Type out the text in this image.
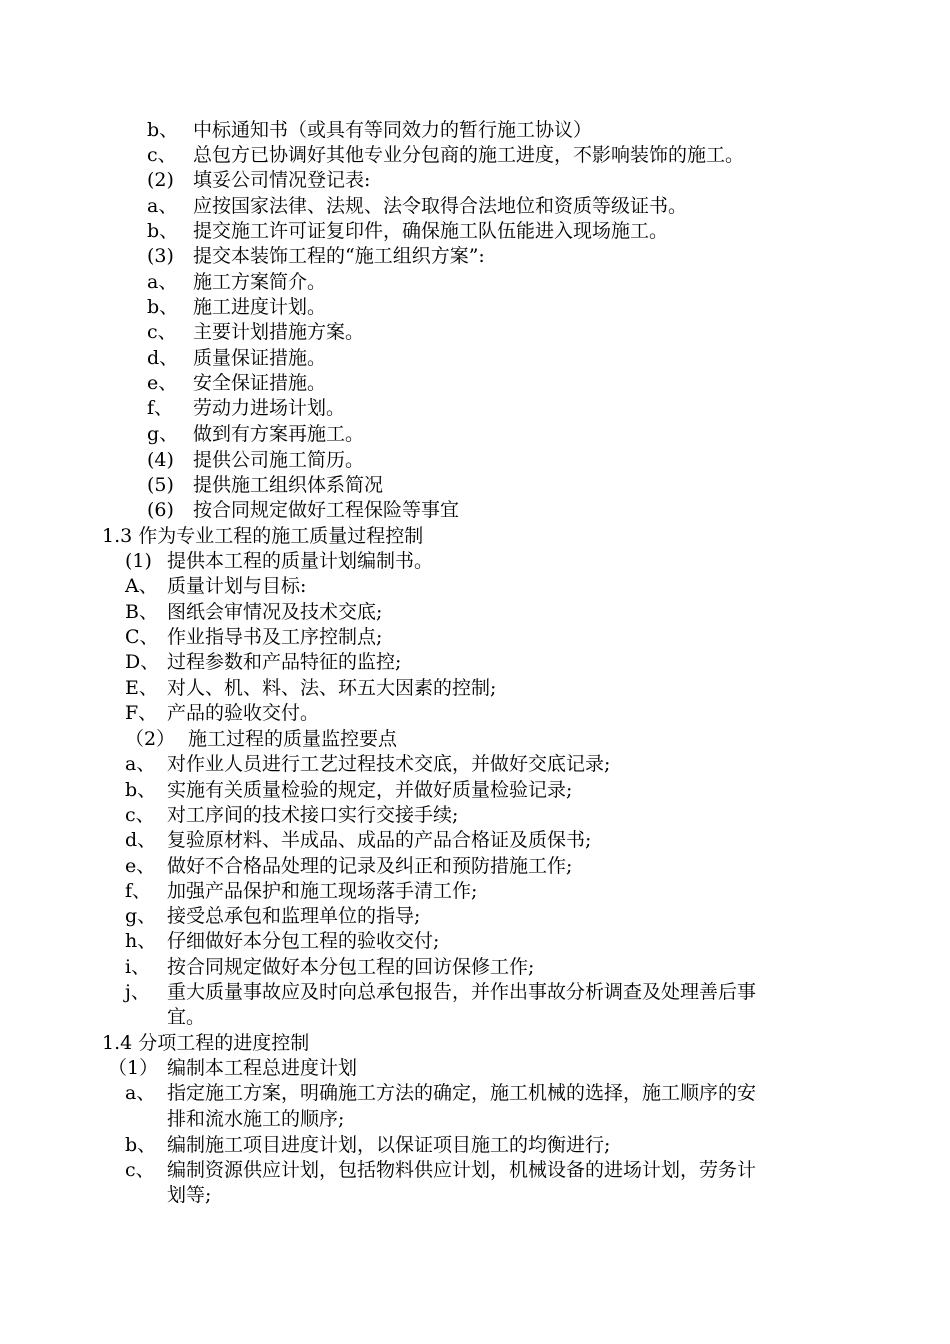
b、 中标通知书（或具有等同效力的暂行施工协议）
c、 总包方已协调好其他专业分包商的施工进度，不影响装饰的施工。
(2) 填妥公司情况登记表:
a、 应按国家法律、法规、法令取得合法地位和资质等级证书。
b、 提交施工许可证复印件，确保施工队伍能进入现场施工。
(3) 提交本装饰工程的“施工组织方案”:
a、 施工方案简介。
b、 施工进度计划。
c、 主要计划措施方案。
d、 质量保证措施。
e、 安全保证措施。
f、 劳动力进场计划。
g、 做到有方案再施工。
(4) 提供公司施工简历。
(5) 提供施工组织体系简况
(6) 按合同规定做好工程保险等事宜
1.3 作为专业工程的施工质量过程控制
(1) 提供本工程的质量计划编制书。
A、 质量计划与目标:
B、 图纸会审情况及技术交底;
C、 作业指导书及工序控制点;
D、 过程参数和产品特征的监控;
E、 对人、机、料、法、环五大因素的控制;
F、 产品的验收交付。
（2） 施工过程的质量监控要点
a、 对作业人员进行工艺过程技术交底，并做好交底记录;
b、 实施有关质量检验的规定，并做好质量检验记录;
c、 对工序间的技术接口实行交接手续;
d、 复验原材料、半成品、成品的产品合格证及质保书;
e、 做好不合格品处理的记录及纠正和预防措施工作;
f、 加强产品保护和施工现场落手清工作;
g、 接受总承包和监理单位的指导;
h、 仔细做好本分包工程的验收交付;
i、 按合同规定做好本分包工程的回访保修工作;
j、 重大质量事故应及时向总承包报告，并作出事故分析调查及处理善后事
宜。
1.4 分项工程的进度控制
（1） 编制本工程总进度计划
a、 指定施工方案，明确施工方法的确定，施工机械的选择，施工顺序的安
排和流水施工的顺序;
b、 编制施工项目进度计划，以保证项目施工的均衡进行;
c、 编制资源供应计划，包括物料供应计划，机械设备的进场计划，劳务计
划等;
